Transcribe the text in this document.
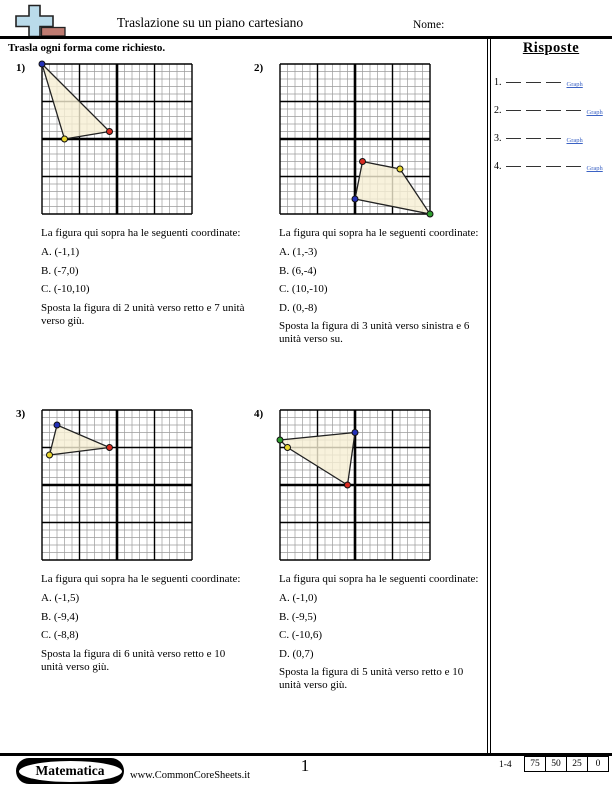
Traslazione su un piano cartesiano	Nome:
Trasla ogni forma come richiesto.	Risposte
1.	Graph
2.	Graph
3.	Graph
4.	Graph
1)

La figura qui sopra ha le seguenti coordinate:

A. (-1,1)

B. (-7,0)

C. (-10,10)

Sposta la figura di 2 unità verso retto e 7 unità verso giù.

2)

La figura qui sopra ha le seguenti coordinate:

A. (1,-3)

B. (6,-4)

C. (10,-10)

D. (0,-8)

Sposta la figura di 3 unità verso sinistra e 6 unità verso su.

3)

La figura qui sopra ha le seguenti coordinate:

A. (-1,5)

B. (-9,4)

C. (-8,8)

Sposta la figura di 6 unità verso retto e 10 unità verso giù.

4)

La figura qui sopra ha le seguenti coordinate:

A. (-1,0)

B. (-9,5)

C. (-10,6)

D. (0,7)

Sposta la figura di 5 unità verso retto e 10 unità verso giù.

Matematica	www.CommonCoreSheets.it
1	1-4	75	50	25	0
